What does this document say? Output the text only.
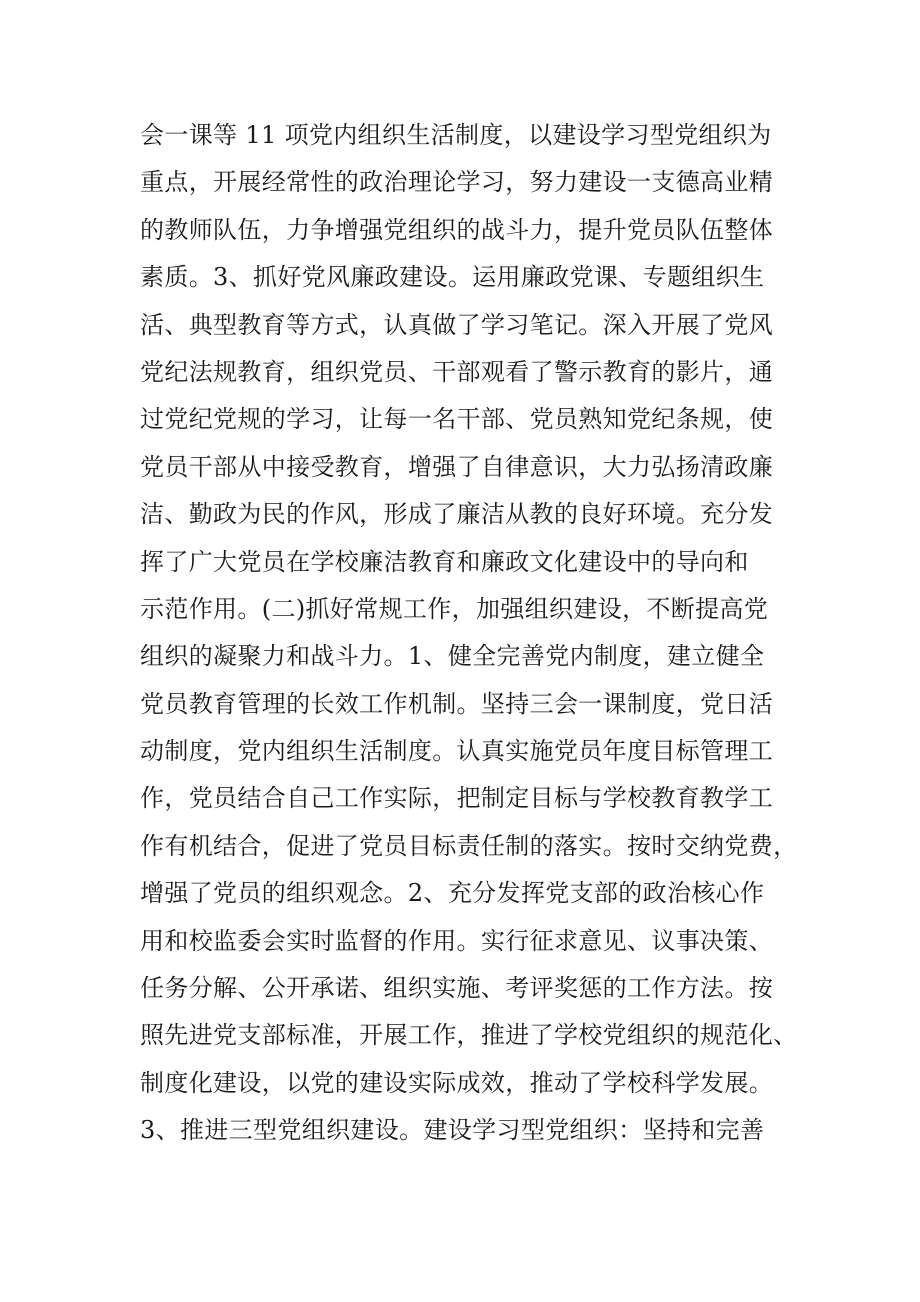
会一课等 11 项党内组织生活制度，以建设学习型党组织为
重点，开展经常性的政治理论学习，努力建设一支德高业精
的教师队伍，力争增强党组织的战斗力，提升党员队伍整体
素质。3、抓好党风廉政建设。运用廉政党课、专题组织生
活、典型教育等方式，认真做了学习笔记。深入开展了党风
党纪法规教育，组织党员、干部观看了警示教育的影片，通
过党纪党规的学习，让每一名干部、党员熟知党纪条规，使
党员干部从中接受教育，增强了自律意识，大力弘扬清政廉
洁、勤政为民的作风，形成了廉洁从教的良好环境。充分发
挥了广大党员在学校廉洁教育和廉政文化建设中的导向和
示范作用。(二)抓好常规工作，加强组织建设，不断提高党
组织的凝聚力和战斗力。1、健全完善党内制度，建立健全
党员教育管理的长效工作机制。坚持三会一课制度，党日活
动制度，党内组织生活制度。认真实施党员年度目标管理工
作，党员结合自己工作实际，把制定目标与学校教育教学工
作有机结合，促进了党员目标责任制的落实。按时交纳党费，
增强了党员的组织观念。2、充分发挥党支部的政治核心作
用和校监委会实时监督的作用。实行征求意见、议事决策、
任务分解、公开承诺、组织实施、考评奖惩的工作方法。按
照先进党支部标准，开展工作，推进了学校党组织的规范化、
制度化建设，以党的建设实际成效，推动了学校科学发展。
3、推进三型党组织建设。建设学习型党组织：坚持和完善
